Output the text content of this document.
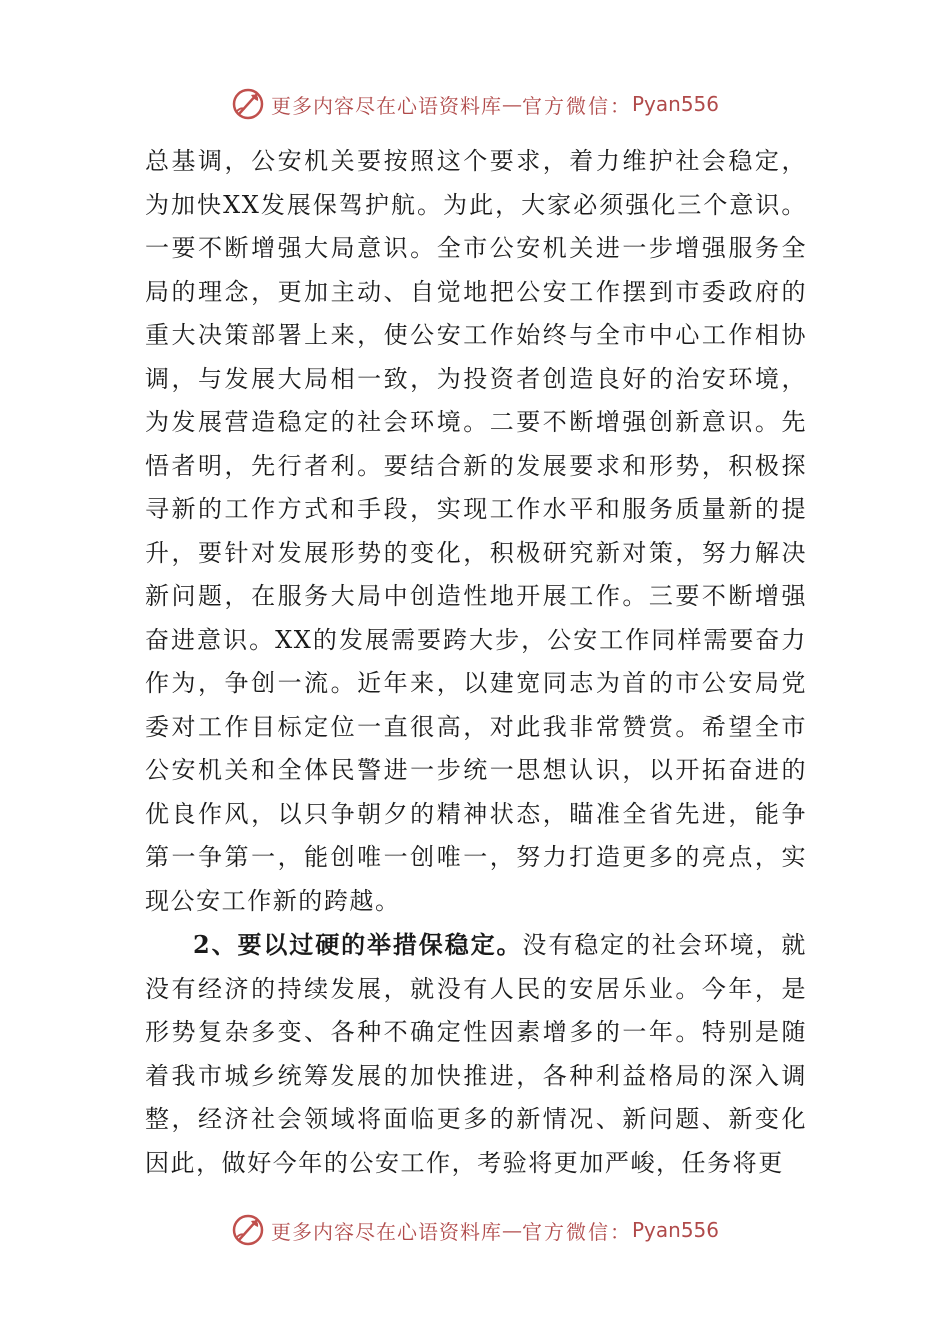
更多内容尽在心语资料库 — 官方微信： Pyan556

总基调，公安机关要按照这个要求，着力维护社会稳定，为加快XX发展保驾护航。为此，大家必须强化三个意识。一要不断增强大局意识。全市公安机关进一步增强服务全局的理念，更加主动、自觉地把公安工作摆到市委政府的重大决策部署上来，使公安工作始终与全市中心工作相协调，与发展大局相一致，为投资者创造良好的治安环境，为发展营造稳定的社会环境。二要不断增强创新意识。先悟者明，先行者利。要结合新的发展要求和形势，积极探寻新的工作方式和手段，实现工作水平和服务质量新的提升，要针对发展形势的变化，积极研究新对策，努力解决新问题，在服务大局中创造性地开展工作。三要不断增强奋进意识。XX的发展需要跨大步，公安工作同样需要奋力作为，争创一流。近年来，以建宽同志为首的市公安局党委对工作目标定位一直很高，对此我非常赞赏。希望全市公安机关和全体民警进一步统一思想认识，以开拓奋进的优良作风，以只争朝夕的精神状态，瞄准全省先进，能争第一争第一，能创唯一创唯一，努力打造更多的亮点，实现公安工作新的跨越。

2、要以过硬的举措保稳定。没有稳定的社会环境，就没有经济的持续发展，就没有人民的安居乐业。今年，是形势复杂多变、各种不确定性因素增多的一年。特别是随着我市城乡统筹发展的加快推进，各种利益格局的深入调整，经济社会领域将面临更多的新情况、新问题、新变化因此，做好今年的公安工作，考验将更加严峻，任务将更

更多内容尽在心语资料库 — 官方微信： Pyan556
